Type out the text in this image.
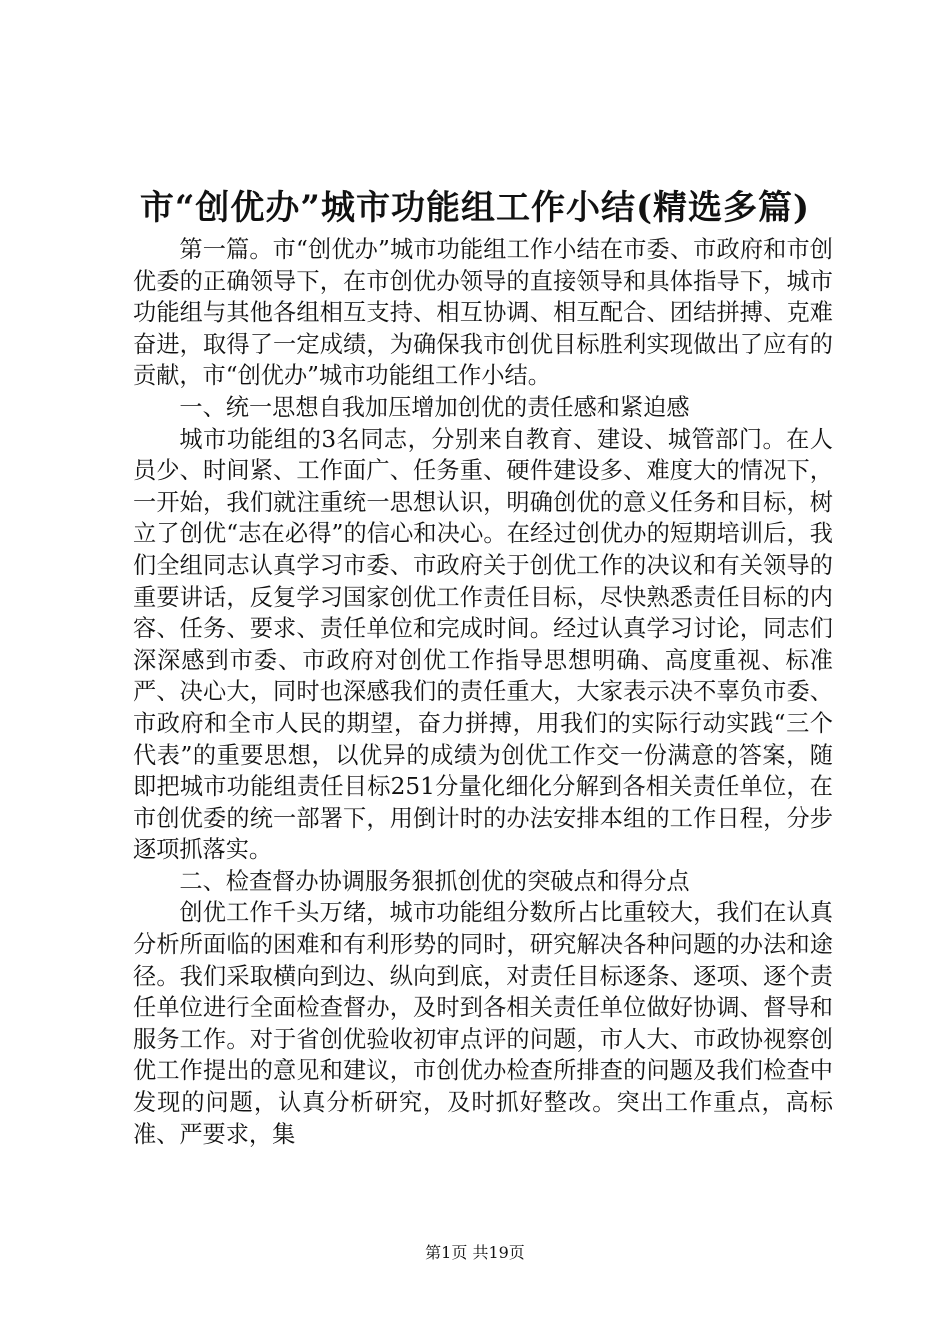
市“创优办”城市功能组工作小结(精选多篇)

第一篇。市“创优办”城市功能组工作小结在市委、市政府和市创优委的正确领导下，在市创优办领导的直接领导和具体指导下，城市功能组与其他各组相互支持、相互协调、相互配合、团结拼搏、克难奋进，取得了一定成绩，为确保我市创优目标胜利实现做出了应有的贡献，市“创优办”城市功能组工作小结。

一、统一思想自我加压增加创优的责任感和紧迫感

城市功能组的3名同志，分别来自教育、建设、城管部门。在人员少、时间紧、工作面广、任务重、硬件建设多、难度大的情况下，一开始，我们就注重统一思想认识，明确创优的意义任务和目标，树立了创优“志在必得”的信心和决心。在经过创优办的短期培训后，我们全组同志认真学习市委、市政府关于创优工作的决议和有关领导的重要讲话，反复学习国家创优工作责任目标，尽快熟悉责任目标的内容、任务、要求、责任单位和完成时间。经过认真学习讨论，同志们深深感到市委、市政府对创优工作指导思想明确、高度重视、标准严、决心大，同时也深感我们的责任重大，大家表示决不辜负市委、市政府和全市人民的期望，奋力拼搏，用我们的实际行动实践“三个代表”的重要思想，以优异的成绩为创优工作交一份满意的答案，随即把城市功能组责任目标251分量化细化分解到各相关责任单位，在市创优委的统一部署下，用倒计时的办法安排本组的工作日程，分步逐项抓落实。

二、检查督办协调服务狠抓创优的突破点和得分点

创优工作千头万绪，城市功能组分数所占比重较大，我们在认真分析所面临的困难和有利形势的同时，研究解决各种问题的办法和途径。我们采取横向到边、纵向到底，对责任目标逐条、逐项、逐个责任单位进行全面检查督办，及时到各相关责任单位做好协调、督导和服务工作。对于省创优验收初审点评的问题，市人大、市政协视察创优工作提出的意见和建议，市创优办检查所排查的问题及我们检查中发现的问题，认真分析研究，及时抓好整改。突出工作重点，高标准、严要求，集

第1页 共19页
